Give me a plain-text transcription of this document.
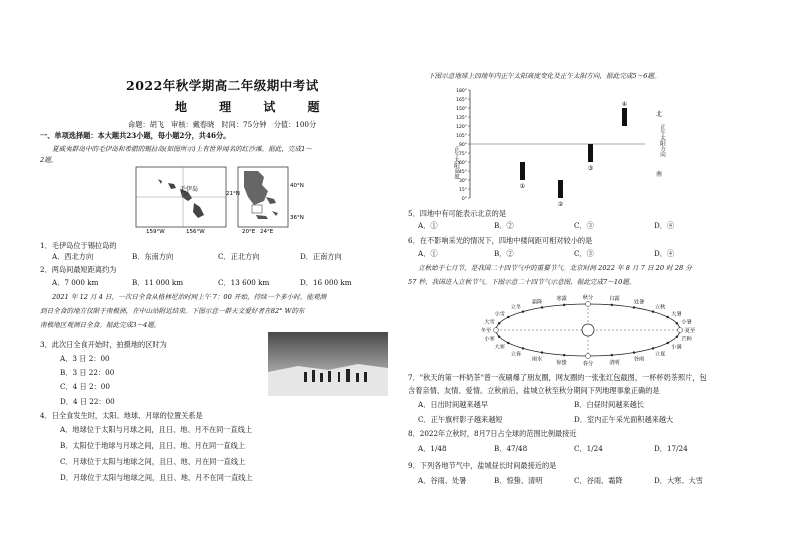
2022年秋学期高二年级期中考试
地 理 试 题
命题：胡飞　审核：戴春晓　时间：75分钟　分值：100分
一、单项选择题：本大题共23小题，每小题2分，共46分。
夏威夷群岛中的毛伊岛和希腊的锡拉岛(如图所示)上有世界闻名的红沙滩。据此，完成1～
2题。
毛伊岛
21°N
159°W	156°W
40°N
36°N
20°E 24°E
1．毛伊岛位于锡拉岛的
A．西北方向	B．东南方向	C．正北方向	D．正南方向
2．两岛间最短距离约为
A．7 000 km	B．11 000 km	C．13 600 km	D．16 000 km
2021 年 12 月 4 日，一次日全食从格林尼治时间上午 7：00 开始，持续一个多小时，能观测
到日全食的地方仅限于南极洲，在中山站附近结束。下图示意一群天文爱好者在82° W的东
南极地区观测日全食。据此完成3～4题。
3．此次日全食开始时，拍摄地的区时为
A．3 日 2：00
B．3 日 22：00
C．4 日 2：00
D．4 日 22：00
4．日全食发生时，太阳、地球、月球的位置关系是
A．地球位于太阳与月球之间，且日、地、月不在同一直线上
B．太阳位于地球与月球之间，且日、地、月在同一直线上
C．月球位于太阳与地球之间，且日、地、月在同一直线上
D．月球位于太阳与地球之间，且日、地、月不在同一直线上
下图示意地球上四地年内正午太阳高度变化及正午太阳方向，据此完成5～6题。
0°
15°
30°
45°
60°
75°
90°
105°
120°
135°
150°
165°
180°
①
②
③
④
正午太阳高度
北
正午太阳方向
南
5．四地中有可能表示北京的是
A．①	B．②	C．③	D．④
6．在不影响采光的情况下，四地中楼间距可相对较小的是
A．①	B．②	C．③	D．④
立秋始于七月节，是我国二十四节气中的重要节气。北京时间 2022 年 8 月 7 日 20 时 28 分
57 秒，我国进入立秋节气。下图示意二十四节气示意图，据此完成7～10题。
秋分
寒露
霜降
立冬
小雪
大雪
冬至
小寒
大寒
立春
雨水
惊蛰	春分	清明
谷雨
立夏
小满
芒种
夏至
小暑
大暑
立秋
处暑
白露
7．"秋天的第一杯奶茶"曾一夜刷爆了朋友圈，网友圈的一张张红包截图，一杯杯奶茶照片，包
含着亲情、友情、爱情。立秋前后，盐城立秋至秋分期间下列地理事象正确的是
A．日出时间越来越早	B．白昼时间越来越长
C．正午旗杆影子越来越短	D．室内正午采光面积越来越大
8．2022年立秋时，8月7日占全球的范围比例最接近
A．1/48	B．47/48	C．1/24	D．17/24
9．下列各地节气中，盐城昼长时间最接近的是
A．谷雨、处暑	B．惊蛰、清明	C．谷雨、霜降	D．大寒、大雪
